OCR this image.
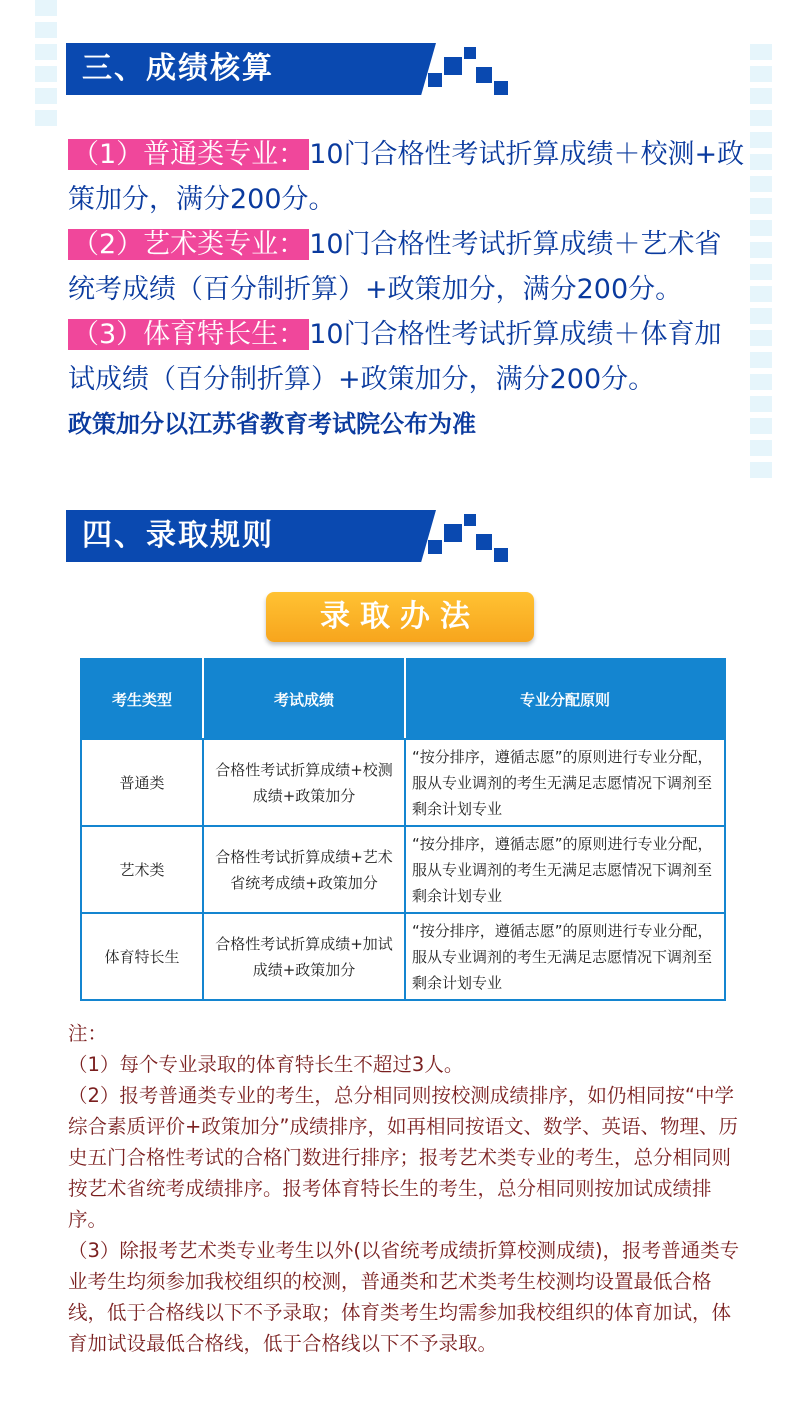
三、成绩核算

（1）普通类专业： 10门合格性考试折算成绩＋校测+政策加分，满分200分。

（2）艺术类专业： 10门合格性考试折算成绩＋艺术省统考成绩（百分制折算）+政策加分，满分200分。

（3）体育特长生： 10门合格性考试折算成绩＋体育加试成绩（百分制折算）+政策加分，满分200分。

政策加分以江苏省教育考试院公布为准

四、录取规则
录取办法
考生类型	考试成绩	专业分配原则
普通类	合格性考试折算成绩+校测成绩+政策加分	“按分排序，遵循志愿”的原则进行专业分配，服从专业调剂的考生无满足志愿情况下调剂至剩余计划专业
艺术类	合格性考试折算成绩+艺术省统考成绩+政策加分	“按分排序，遵循志愿”的原则进行专业分配，服从专业调剂的考生无满足志愿情况下调剂至剩余计划专业
体育特长生	合格性考试折算成绩+加试成绩+政策加分	“按分排序，遵循志愿”的原则进行专业分配，服从专业调剂的考生无满足志愿情况下调剂至剩余计划专业

注：

（1）每个专业录取的体育特长生不超过3人。

（2）报考普通类专业的考生，总分相同则按校测成绩排序，如仍相同按“中学综合素质评价+政策加分”成绩排序，如再相同按语文、数学、英语、物理、历史五门合格性考试的合格门数进行排序；报考艺术类专业的考生，总分相同则按艺术省统考成绩排序。报考体育特长生的考生，总分相同则按加试成绩排序。

（3）除报考艺术类专业考生以外(以省统考成绩折算校测成绩)，报考普通类专业考生均须参加我校组织的校测，普通类和艺术类考生校测均设置最低合格线，低于合格线以下不予录取；体育类考生均需参加我校组织的体育加试，体育加试设最低合格线，低于合格线以下不予录取。
